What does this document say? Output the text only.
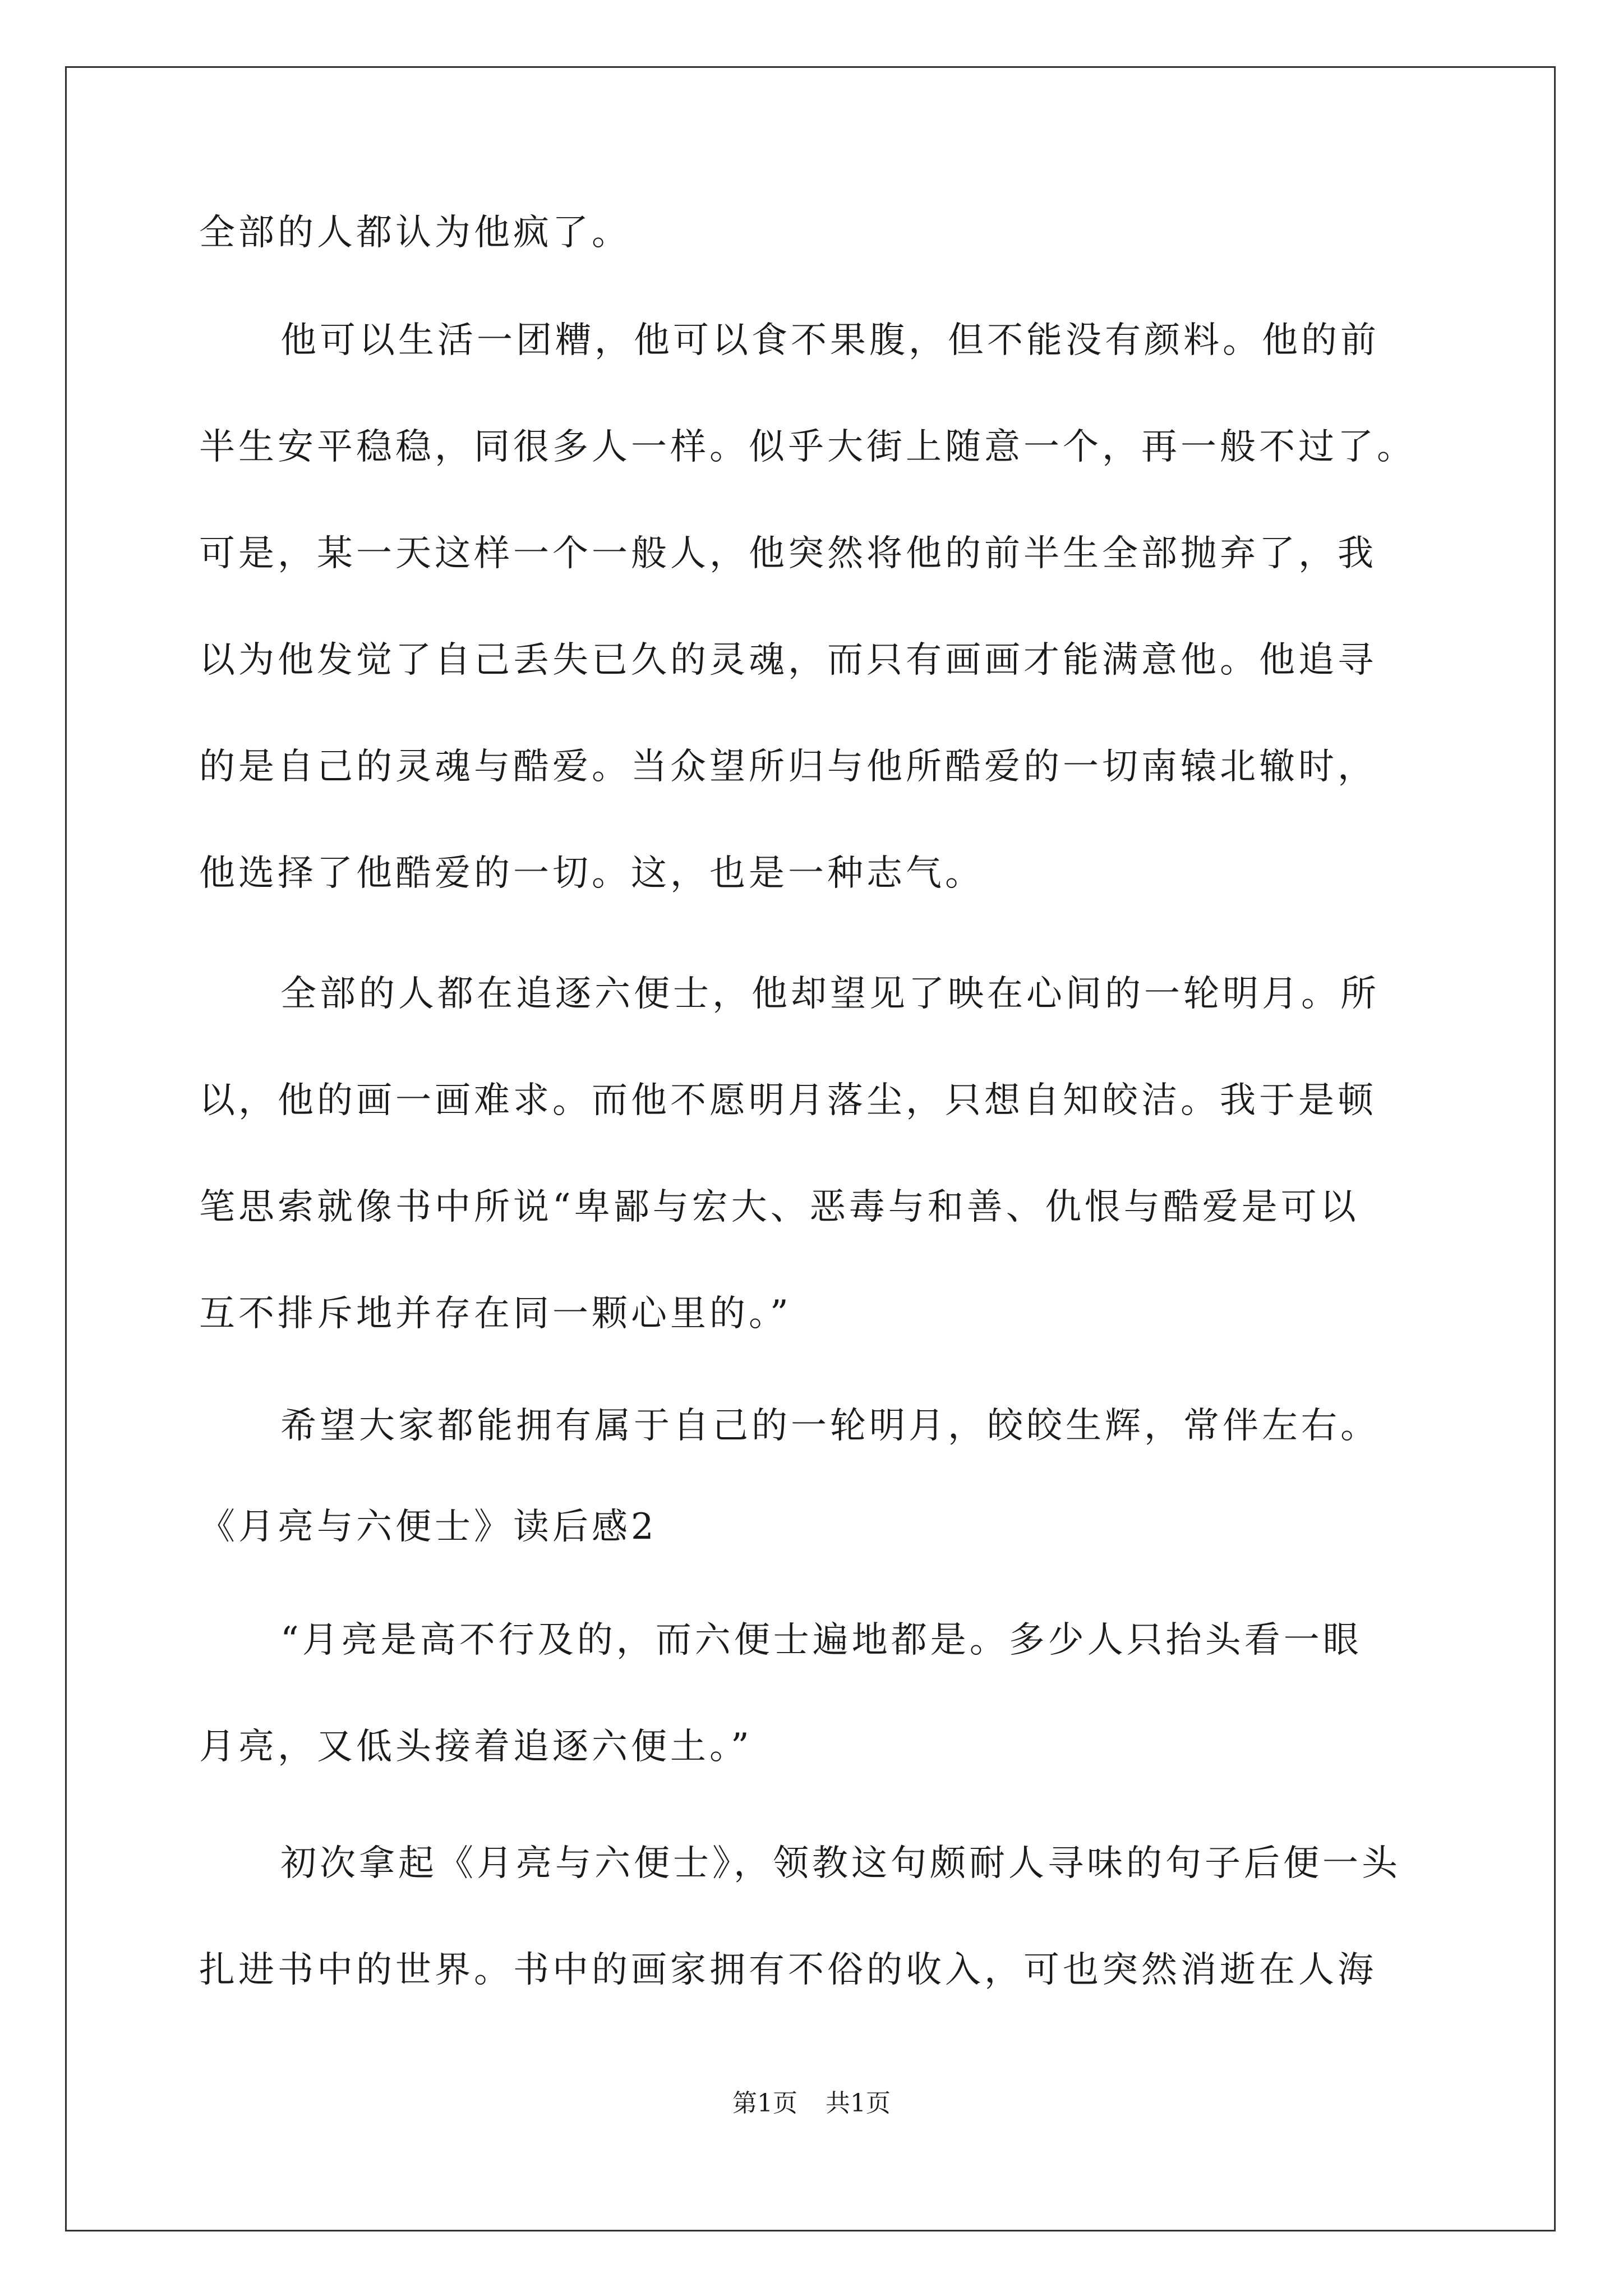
全部的人都认为他疯了。
他可以生活一团糟，他可以食不果腹，但不能没有颜料。他的前
半生安平稳稳，同很多人一样。似乎大街上随意一个，再一般不过了。
可是，某一天这样一个一般人，他突然将他的前半生全部抛弃了，我
以为他发觉了自己丢失已久的灵魂，而只有画画才能满意他。他追寻
的是自己的灵魂与酷爱。当众望所归与他所酷爱的一切南辕北辙时，
他选择了他酷爱的一切。这，也是一种志气。
全部的人都在追逐六便士，他却望见了映在心间的一轮明月。所
以，他的画一画难求。而他不愿明月落尘，只想自知皎洁。我于是顿
笔思索就像书中所说“卑鄙与宏大、恶毒与和善、仇恨与酷爱是可以
互不排斥地并存在同一颗心里的。”
希望大家都能拥有属于自己的一轮明月，皎皎生辉，常伴左右。
《月亮与六便士》读后感2
“月亮是高不行及的，而六便士遍地都是。多少人只抬头看一眼
月亮，又低头接着追逐六便土。”
初次拿起《月亮与六便士》，领教这句颇耐人寻味的句子后便一头
扎进书中的世界。书中的画家拥有不俗的收入，可也突然消逝在人海
第1页 共1页
